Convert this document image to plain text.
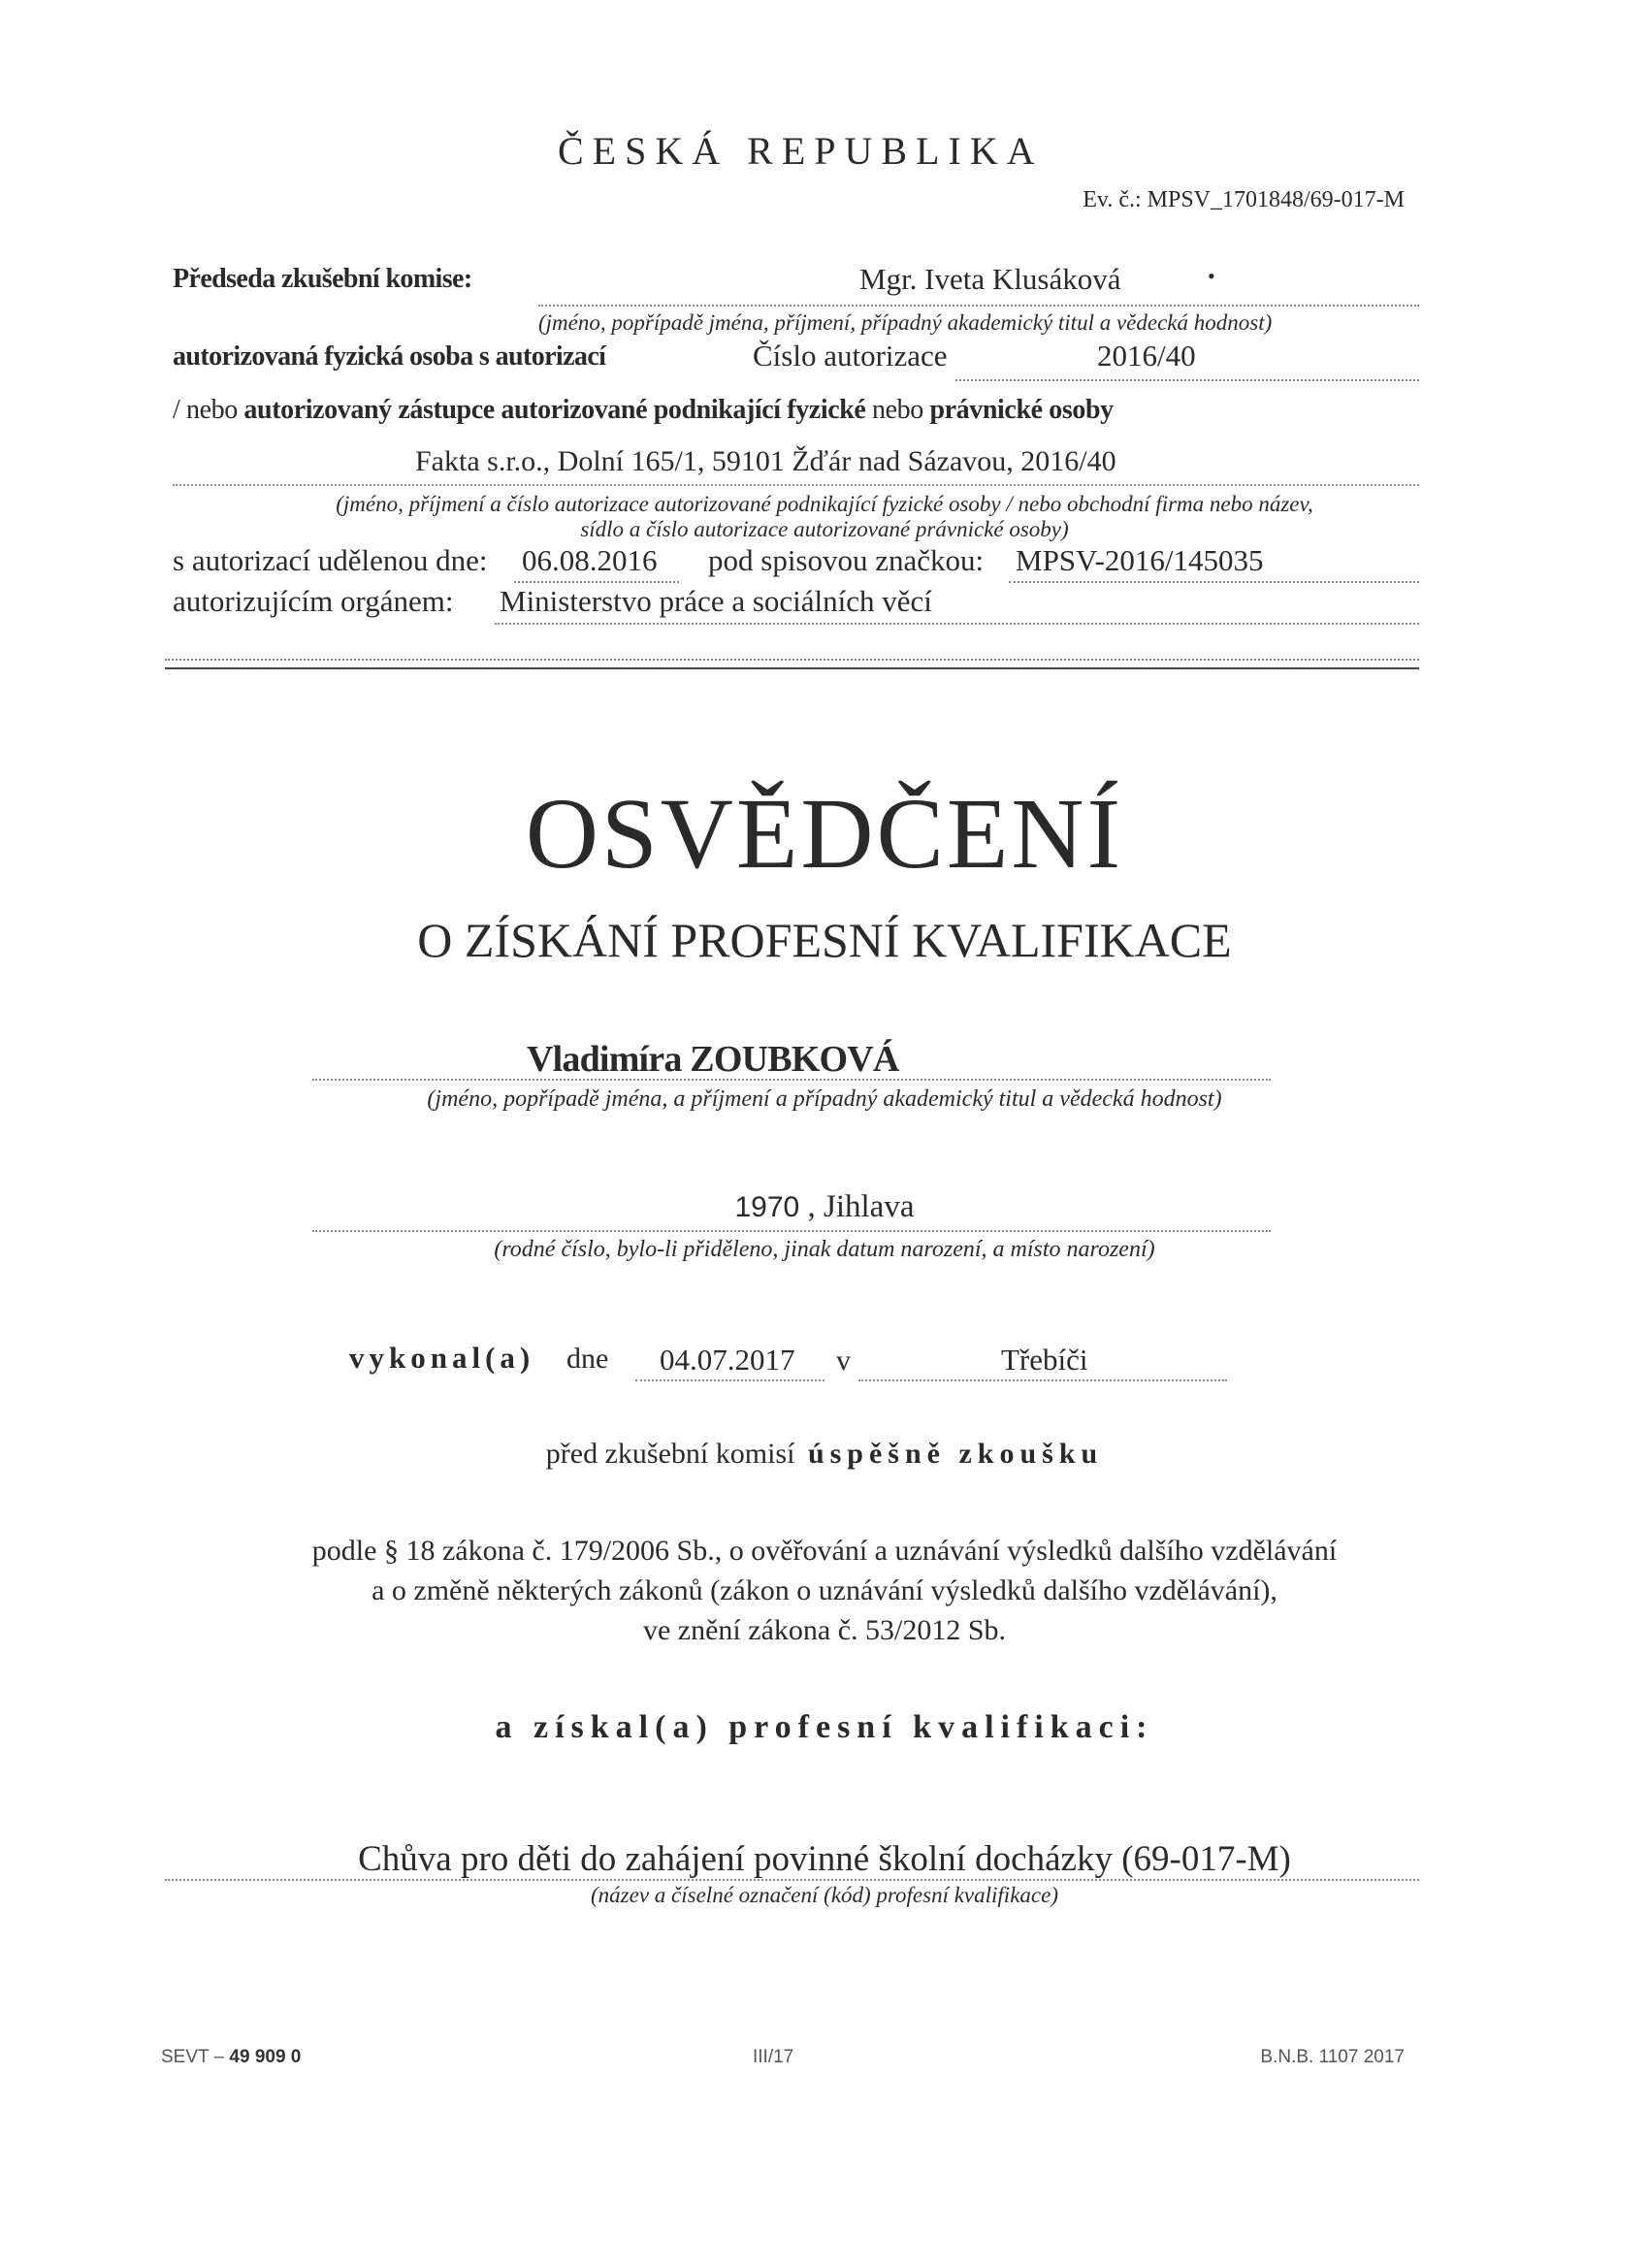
ČESKÁ REPUBLIKA
Ev. č.: MPSV_1701848/69-017-M
Předseda zkušební komise:	Mgr. Iveta Klusáková	•
(jméno, popřípadě jména, příjmení, případný akademický titul a vědecká hodnost)
autorizovaná fyzická osoba s autorizací	Číslo autorizace	2016/40
/ nebo autorizovaný zástupce autorizované podnikající fyzické nebo právnické osoby
Fakta s.r.o., Dolní 165/1, 59101 Žďár nad Sázavou, 2016/40
(jméno, příjmení a číslo autorizace autorizované podnikající fyzické osoby / nebo obchodní firma nebo název,
sídlo a číslo autorizace autorizované právnické osoby)
s autorizací udělenou dne: 06.08.2016 pod spisovou značkou: MPSV-2016/145035
autorizujícím orgánem: Ministerstvo práce a sociálních věcí
OSVĚDČENÍ
O ZÍSKÁNÍ PROFESNÍ KVALIFIKACE
Vladimíra ZOUBKOVÁ
(jméno, popřípadě jména, a příjmení a případný akademický titul a vědecká hodnost)
1970 , Jihlava
(rodné číslo, bylo-li přiděleno, jinak datum narození, a místo narození)
vykonal(a) dne 04.07.2017 v	Třebíči
před zkušební komisí úspěšně zkoušku
podle § 18 zákona č. 179/2006 Sb., o ověřování a uznávání výsledků dalšího vzdělávání
a o změně některých zákonů (zákon o uznávání výsledků dalšího vzdělávání),
ve znění zákona č. 53/2012 Sb.
a získal(a) profesní kvalifikaci:
Chůva pro děti do zahájení povinné školní docházky (69-017-M)
(název a číselné označení (kód) profesní kvalifikace)
SEVT – 49 909 0	III/17	B.N.B. 1107 2017
